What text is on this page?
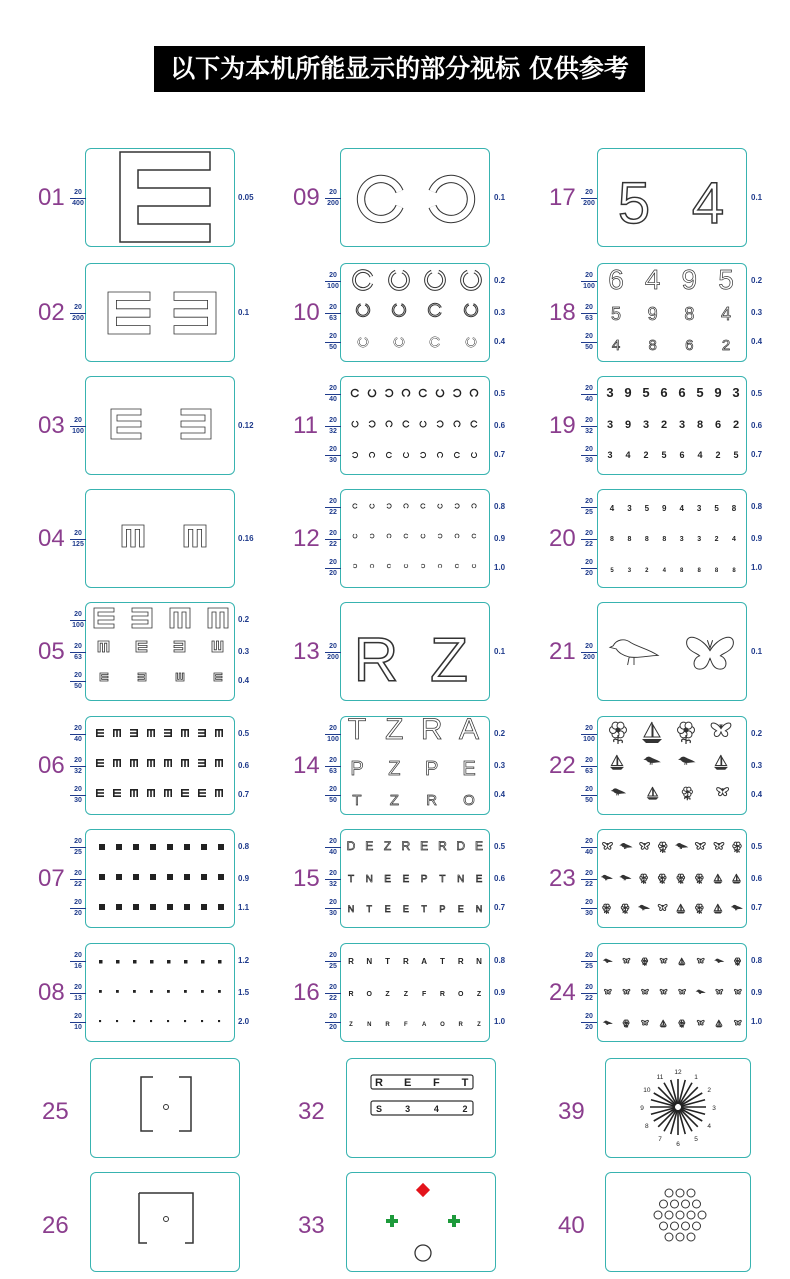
以下为本机所能显示的部分视标 仅供参考
$01 \frac{20}{400}$	0.05
$02 \frac{20}{200}$	0.1
$03 \frac{20}{100}$	0.12
$04 \frac{20}{125}$	0.16
05
$\frac{20}{100}$	0.2
$\frac{20}{63}$	0.3
$\frac{20}{50}$	0.4
06
$\frac{20}{40}$	0.5
$\frac{20}{32}$	0.6
$\frac{20}{30}$	0.7
07
$\frac{20}{25}$	0.8
$\frac{20}{22}$	0.9
$\frac{20}{20}$	1.1
08
$\frac{20}{16}$	1.2
$\frac{20}{13}$	1.5
$\frac{20}{10}$	2.0
$09 \frac{20}{200}$	0.1
10
$\frac{20}{100}$	0.2
$\frac{20}{63}$	0.3
$\frac{20}{50}$	0.4
11
$\frac{20}{40}$	0.5
$\frac{20}{32}$	0.6
$\frac{20}{30}$	0.7
12
$\frac{20}{22}$	0.8
$\frac{20}{22}$	0.9
$\frac{20}{20}$	1.0
13 R Z
$\frac{20}{200}$	0.1
14
T Z R A
P Z P E
T Z R O
$\frac{20}{100}$	0.2
$\frac{20}{63}$	0.3
$\frac{20}{50}$	0.4
15
D E Z R E R D E
T N E E P T N E
N T E E T P E N
$\frac{20}{40}$	0.5
$\frac{20}{32}$	0.6
$\frac{20}{30}$	0.7
16
R N T R A T R N
R O Z Z F R O Z
Z N R F A O R Z
$\frac{20}{25}$	0.8
$\frac{20}{22}$	0.9
$\frac{20}{20}$	1.0
17 5 4
$\frac{20}{200}$	0.1
18
6 4 9 5
5 9 8 4
4 8 6 2
$\frac{20}{100}$	0.2
$\frac{20}{63}$	0.3
$\frac{20}{50}$	0.4
19
3 9 5 6 6 5 9 3
3 9 3 2 3 8 6 2
3 4 2 5 6 4 2 5
$\frac{20}{40}$	0.5
$\frac{20}{32}$	0.6
$\frac{20}{30}$	0.7
20
4 3 5 9 4 3 5 8
8 8 8 8 3 3 2 4
5 3 2 4 8 8 8 8
$\frac{20}{25}$	0.8
$\frac{20}{22}$	0.9
$\frac{20}{20}$	1.0
$21 \frac{20}{200}$	0.1
22
$\frac{20}{100}$	0.2
$\frac{20}{63}$	0.3
$\frac{20}{50}$	0.4
23
$\frac{20}{40}$	0.5
$\frac{20}{22}$	0.6
$\frac{20}{30}$	0.7
24
$\frac{20}{25}$	0.8
$\frac{20}{22}$	0.9
$\frac{20}{20}$	1.0
25
26
32
R E F T
S	3	4	2
33
39
12
1
2
3
4
5
6
7
8
9
10
11
40
